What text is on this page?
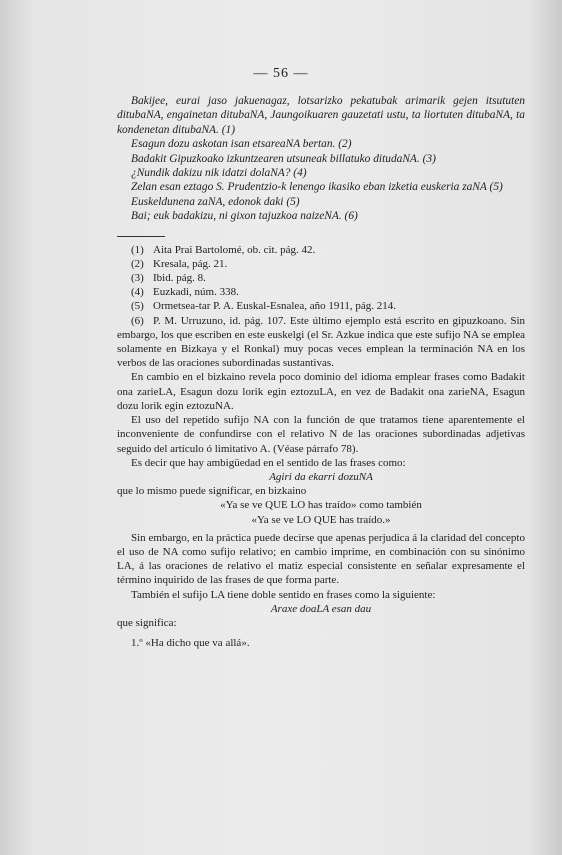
— 56 —

Bakijee, eurai jaso jakuenagaz, lotsarizko pekatubak arimarik gejen itsututen ditubaNA, engainetan ditubaNA, Jaungoikuaren gauzetati ustu, ta liortuten ditubaNA, ta kondenetan ditubaNA. (1)

Esagun dozu askotan isan etsareaNA bertan. (2)

Badakit Gipuzkoako izkuntzearen utsuneak billatuko ditudaNA. (3)

¿Nundik dakizu nik idatzi dolaNA? (4)

Zelan esan eztago S. Prudentzio-k lenengo ikasiko eban izketia euskeria zaNA (5)

Euskeldunena zaNA, edonok daki (5)

Bai; euk badakizu, ni gixon tajuzkoa naizeNA. (6)

(1) Aita Prai Bartolomé, ob. cit. pág. 42.

(2) Kresala, pág. 21.

(3) Ibid. pág. 8.

(4) Euzkadi, núm. 338.

(5) Ormetsea-tar P. A. Euskal-Esnalea, año 1911, pág. 214.

(6) P. M. Urruzuno, id. pág. 107. Este último ejemplo está escrito en gipuzkoano. Sin embargo, los que escriben en este euskelgi (el Sr. Azkue indica que este sufijo NA se emplea solamente en Bizkaya y el Ronkal) muy pocas veces emplean la terminación NA en los verbos de las oraciones subordinadas sustantivas.

En cambio en el bizkaino revela poco dominio del idioma emplear frases como Badakit ona zarieLA, Esagun dozu lorik egin eztozuLA, en vez de Badakit ona zarieNA, Esagun dozu lorik egin eztozuNA.

El uso del repetido sufijo NA con la función de que tratamos tiene aparentemente el inconveniente de confundirse con el relativo N de las oraciones subordinadas adjetivas seguido del artículo ó limitativo A. (Véase párrafo 78).

Es decir que hay ambigüedad en el sentido de las frases como:

Agiri da ekarri dozuNA

que lo mismo puede significar, en bizkaino

«Ya se ve QUE LO has traído» como también

«Ya se ve LO QUE has traído.»

Sin embargo, en la práctica puede decirse que apenas perjudica á la claridad del concepto el uso de NA como sufijo relativo; en cambio imprime, en combinación con su sinónimo LA, á las oraciones de relativo el matiz especial consistente en señalar expresamente el término inquirido de las frases de que forma parte.

También el sufijo LA tiene doble sentido en frases como la siguiente:

Araxe doaLA esan dau

que significa:

1.º «Ha dicho que va allá».
